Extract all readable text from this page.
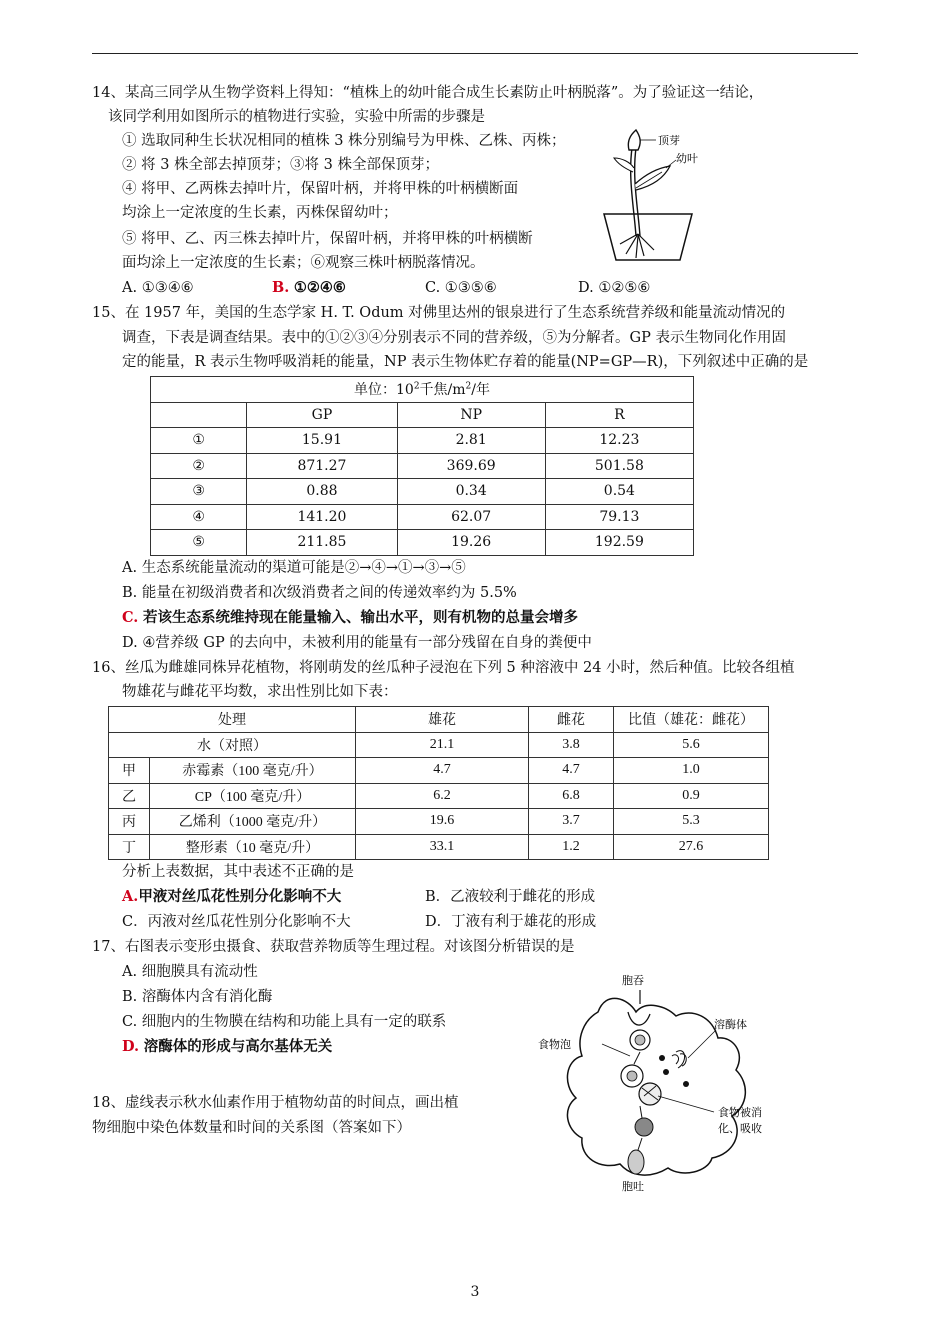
14、某高三同学从生物学资料上得知：“植株上的幼叶能合成生长素防止叶柄脱落”。为了验证这一结论，
该同学利用如图所示的植物进行实验，实验中所需的步骤是
① 选取同种生长状况相同的植株 3 株分别编号为甲株、乙株、丙株；
② 将 3 株全部去掉顶芽；③将 3 株全部保顶芽；
④ 将甲、乙两株去掉叶片，保留叶柄，并将甲株的叶柄横断面
均涂上一定浓度的生长素，丙株保留幼叶；
⑤ 将甲、乙、丙三株去掉叶片，保留叶柄，并将甲株的叶柄横断
面均涂上一定浓度的生长素；⑥观察三株叶柄脱落情况。
A. ①③④⑥	B. ①②④⑥	C. ①③⑤⑥	D. ①②⑤⑥
顶芽
幼叶
15、在 1957 年，美国的生态学家 H. T. Odum 对佛里达州的银泉进行了生态系统营养级和能量流动情况的
调查，下表是调查结果。表中的①②③④分别表示不同的营养级，⑤为分解者。GP 表示生物同化作用固
定的能量，R 表示生物呼吸消耗的能量，NP 表示生物体贮存着的能量(NP=GP—R)，下列叙述中正确的是
单位：$10^2$千焦$/m^2/$年			
	GP	NP	R
①	15.91	2.81	12.23
②	871.27	369.69	501.58
③	0.88	0.34	0.54
④	141.20	62.07	79.13
⑤	211.85	19.26	192.59
A. 生态系统能量流动的渠道可能是②→④→①→③→⑤
B. 能量在初级消费者和次级消费者之间的传递效率约为 5.5%
C. 若该生态系统维持现在能量输入、输出水平，则有机物的总量会增多
D. ④营养级 GP 的去向中，未被利用的能量有一部分残留在自身的粪便中
16、丝瓜为雌雄同株异花植物，将刚萌发的丝瓜种子浸泡在下列 5 种溶液中 24 小时，然后种值。比较各组植
物雄花与雌花平均数，求出性别比如下表：
处理		雄花	雌花	比值（雄花：雌花）
水（对照）		21.1	3.8	5.6
甲	赤霉素（100 毫克/升）	4.7	4.7	1.0
乙	CP（100 毫克/升）	6.2	6.8	0.9
丙	乙烯利（1000 毫克/升）	19.6	3.7	5.3
丁	整形素（10 毫克/升）	33.1	1.2	27.6
分析上表数据，其中表述不正确的是
A.甲液对丝瓜花性别分化影响不大	B．乙液较利于雌花的形成
C．丙液对丝瓜花性别分化影响不大	D．丁液有利于雄花的形成
17、右图表示变形虫摄食、获取营养物质等生理过程。对该图分析错误的是
A. 细胞膜具有流动性
B. 溶酶体内含有消化酶
C. 细胞内的生物膜在结构和功能上具有一定的联系
D. 溶酶体的形成与高尔基体无关
18、虚线表示秋水仙素作用于植物幼苗的时间点，画出植
物细胞中染色体数量和时间的关系图（答案如下）
胞吞
溶酶体
食物泡
食物被消
化、吸收
胞吐
3
